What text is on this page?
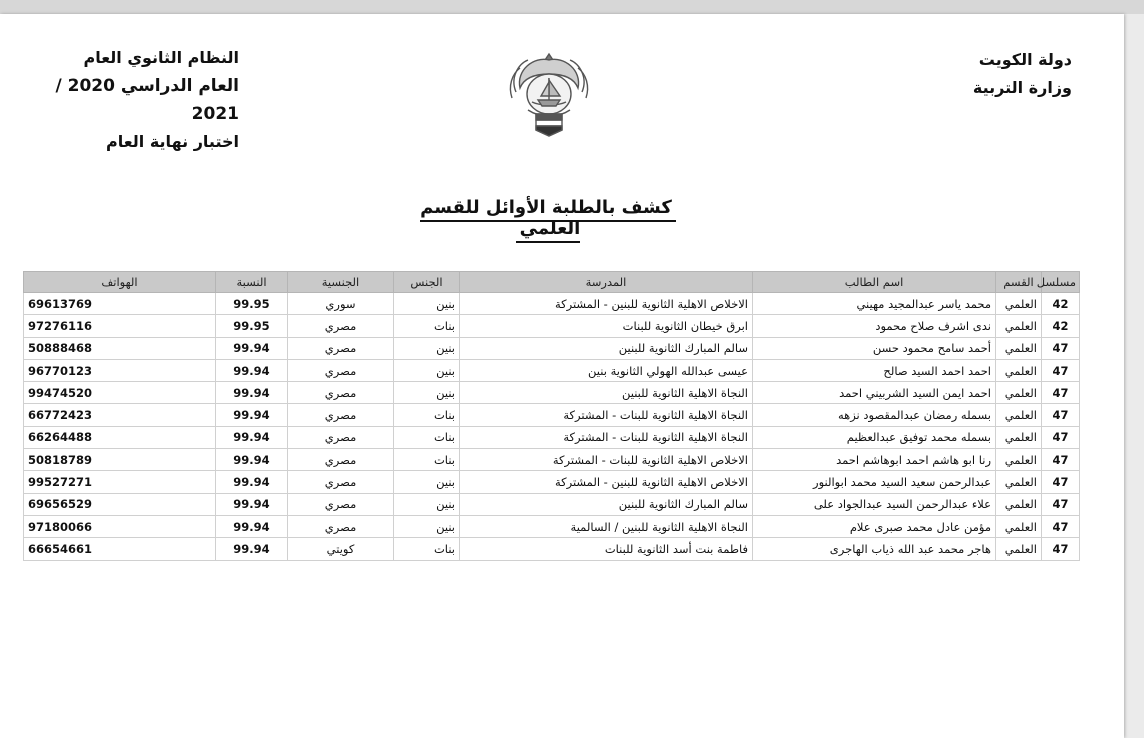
دولة الكويت
وزارة التربية
النظام الثانوي العام
العام الدراسي 2020 / 2021
اختبار نهاية العام
كشف بالطلبة الأوائل للقسم العلمي
مسلسل	القسم	اسم الطالب	المدرسة	الجنس	الجنسية	النسبة	الهواتف
42	العلمي	محمد ياسر عبدالمجيد مهيني	الاخلاص الاهلية الثانوية للبنين - المشتركة	بنين	سوري	99.95	69613769
42	العلمي	ندى اشرف صلاح محمود	ابرق خيطان الثانوية للبنات	بنات	مصري	99.95	97276116
47	العلمي	أحمد سامح محمود حسن	سالم المبارك الثانوية للبنين	بنين	مصري	99.94	50888468
47	العلمي	احمد احمد السيد صالح	عيسى عبدالله الهولي الثانوية بنين	بنين	مصري	99.94	96770123
47	العلمي	احمد ايمن السيد الشربيني احمد	النجاة الاهلية الثانوية للبنين	بنين	مصري	99.94	99474520
47	العلمي	بسمله رمضان عبدالمقصود نزهه	النجاة الاهلية الثانوية للبنات - المشتركة	بنات	مصري	99.94	66772423
47	العلمي	بسمله محمد توفيق عبدالعظيم	النجاة الاهلية الثانوية للبنات - المشتركة	بنات	مصري	99.94	66264488
47	العلمي	رنا ابو هاشم احمد ابوهاشم احمد	الاخلاص الاهلية الثانوية للبنات - المشتركة	بنات	مصري	99.94	50818789
47	العلمي	عبدالرحمن سعيد السيد محمد ابوالنور	الاخلاص الاهلية الثانوية للبنين - المشتركة	بنين	مصري	99.94	99527271
47	العلمي	علاء عبدالرحمن السيد عبدالجواد على	سالم المبارك الثانوية للبنين	بنين	مصري	99.94	69656529
47	العلمي	مؤمن عادل محمد صبرى علام	النجاة الاهلية الثانوية للبنين / السالمية	بنين	مصري	99.94	97180066
47	العلمي	هاجر محمد عبد الله ذياب الهاجرى	فاطمة بنت أسد الثانوية للبنات	بنات	كويتي	99.94	66654661
